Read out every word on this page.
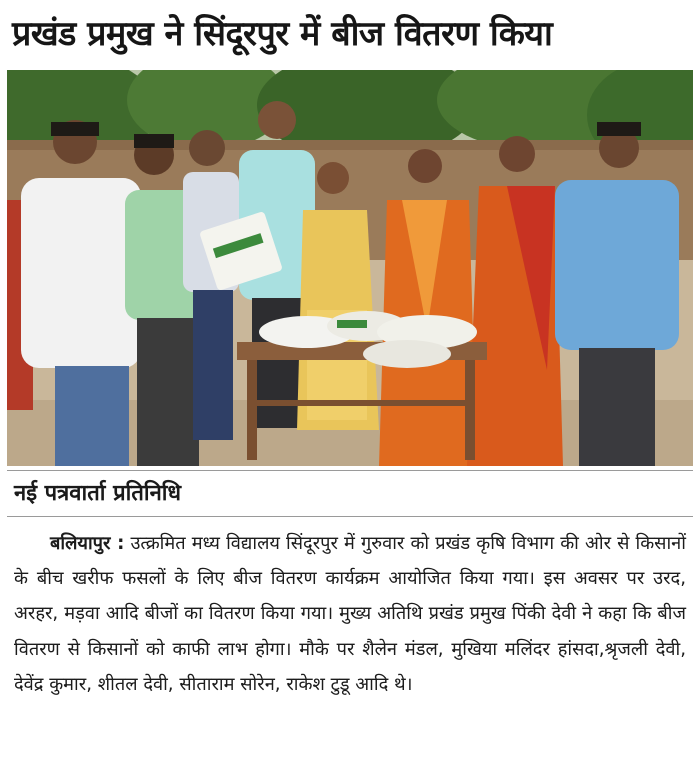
प्रखंड प्रमुख ने सिंदूरपुर में बीज वितरण किया
नई पत्रवार्ता प्रतिनिधि
बलियापुर : उत्क्रमित मध्य विद्यालय सिंदूरपुर में गुरुवार को प्रखंड कृषि विभाग की ओर से किसानों के बीच खरीफ फसलों के लिए बीज वितरण कार्यक्रम आयोजित किया गया। इस अवसर पर उरद, अरहर, मड़वा आदि बीजों का वितरण किया गया। मुख्य अतिथि प्रखंड प्रमुख पिंकी देवी ने कहा कि बीज वितरण से किसानों को काफी लाभ होगा। मौके पर शैलेन मंडल, मुखिया मलिंदर हांसदा,श्रृजली देवी, देवेंद्र कुमार, शीतल देवी, सीताराम सोरेन, राकेश टुडू आदि थे।
